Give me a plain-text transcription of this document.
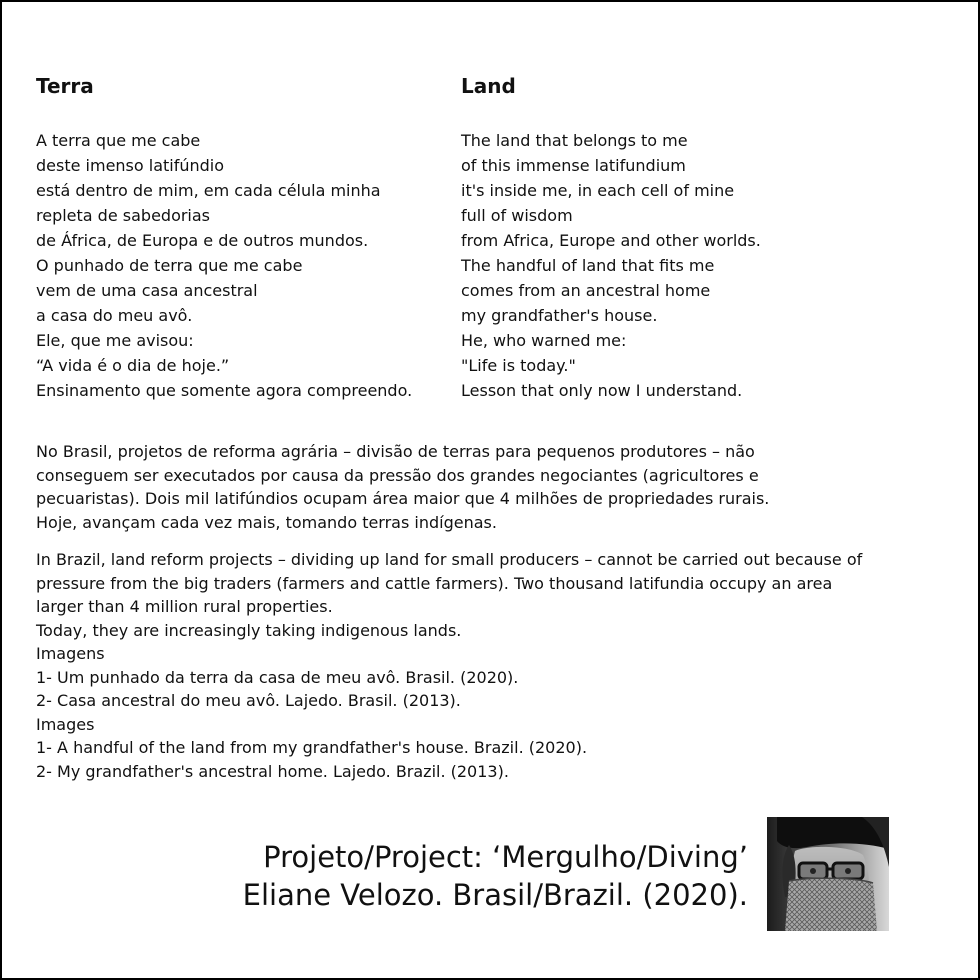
Terra
A terra que me cabe
deste imenso latifúndio
está dentro de mim, em cada célula minha
repleta de sabedorias
de África, de Europa e de outros mundos.
O punhado de terra que me cabe
vem de uma casa ancestral
a casa do meu avô.
Ele, que me avisou:
“A vida é o dia de hoje.”
Ensinamento que somente agora compreendo.
Land
The land that belongs to me
of this immense latifundium
it's inside me, in each cell of mine
full of wisdom
from Africa, Europe and other worlds.
The handful of land that fits me
comes from an ancestral home
my grandfather's house.
He, who warned me:
"Life is today."
Lesson that only now I understand.
No Brasil, projetos de reforma agrária – divisão de terras para pequenos produtores – não
conseguem ser executados por causa da pressão dos grandes negociantes (agricultores e
pecuaristas). Dois mil latifúndios ocupam área maior que 4 milhões de propriedades rurais.
Hoje, avançam cada vez mais, tomando terras indígenas.
In Brazil, land reform projects – dividing up land for small producers – cannot be carried out because of
pressure from the big traders (farmers and cattle farmers). Two thousand latifundia occupy an area
larger than 4 million rural properties.
Today, they are increasingly taking indigenous lands.
Imagens
1- Um punhado da terra da casa de meu avô. Brasil. (2020).
2- Casa ancestral do meu avô. Lajedo. Brasil. (2013).
Images
1- A handful of the land from my grandfather's house. Brazil. (2020).
2- My grandfather's ancestral home. Lajedo. Brazil. (2013).
Projeto/Project: ‘Mergulho/Diving’
Eliane Velozo. Brasil/Brazil. (2020).
